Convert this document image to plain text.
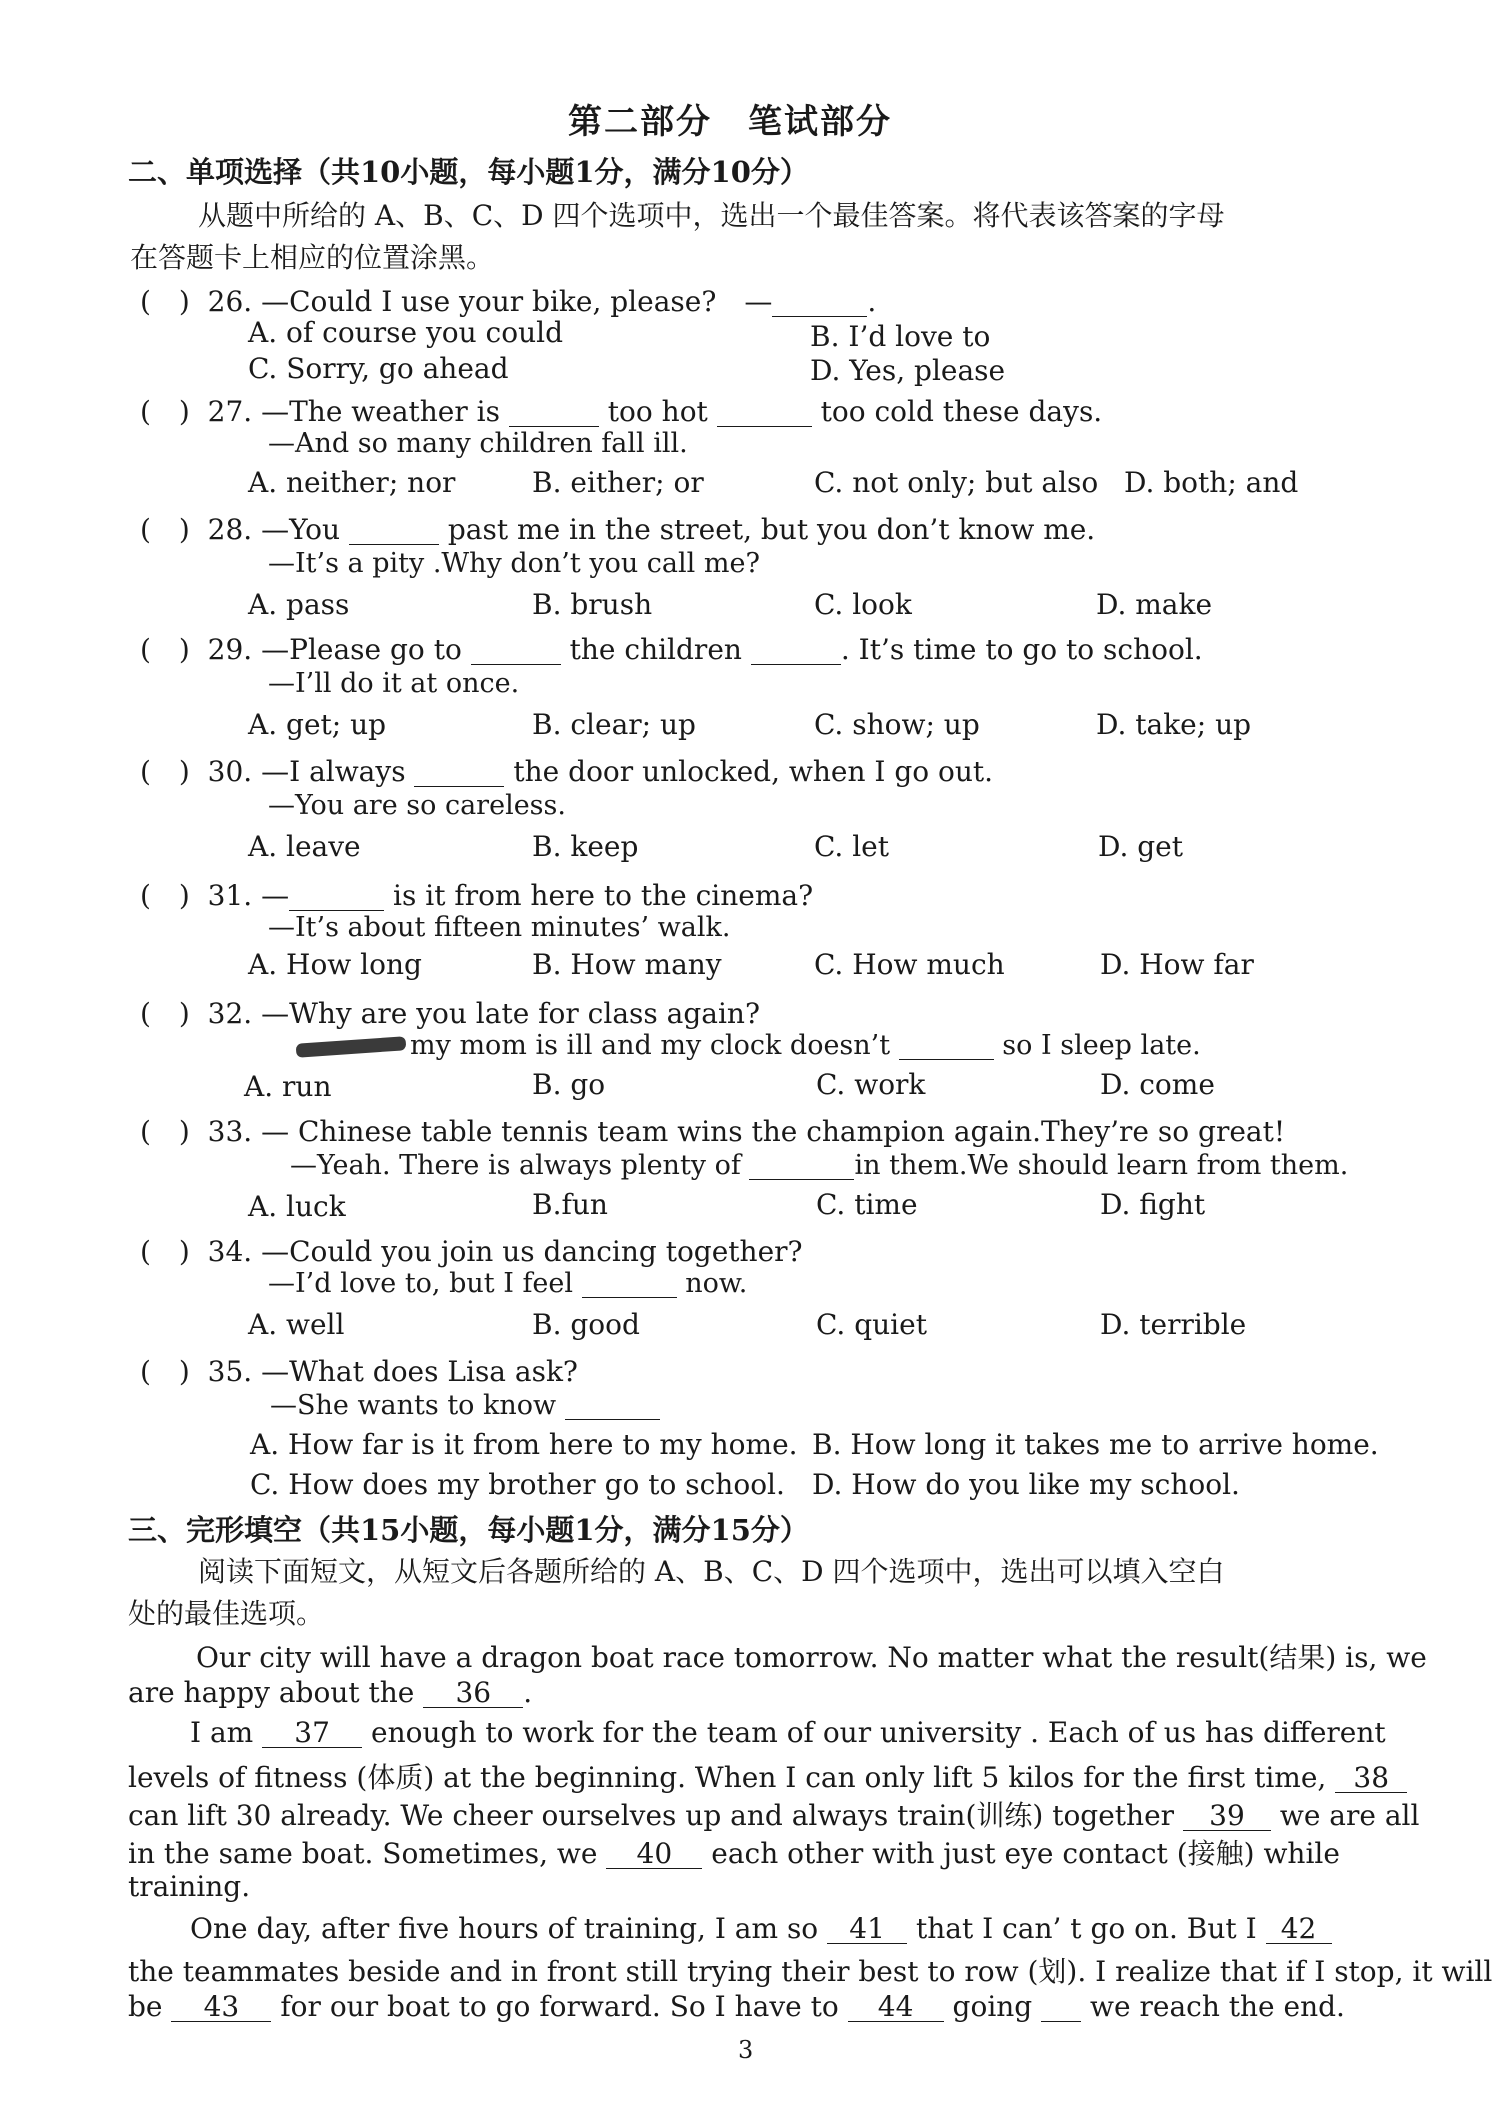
第二部分　笔试部分
二、单项选择（共10小题，每小题1分，满分10分）
从题中所给的 A、B、C、D 四个选项中，选出一个最佳答案。将代表该答案的字母
在答题卡上相应的位置涂黑。
(　) 26. —Could I use your bike, please?　—	.
A. of course you could	B. I’d love to
C. Sorry, go ahead	D. Yes, please
(　) 27. —The weather is	too hot	too cold these days.
—And so many children fall ill.
A. neither; nor	B. either; or	C. not only; but also D. both; and
(　) 28. —You	past me in the street, but you don’t know me.
—It’s a pity .Why don’t you call me?
A. pass	B. brush	C. look	D. make
(　) 29. —Please go to	the children	. It’s time to go to school.
—I’ll do it at once.
A. get; up	B. clear; up	C. show; up	D. take; up
(　) 30. —I always	the door unlocked, when I go out.
—You are so careless.
A. leave	B. keep	C. let	D. get
(　) 31. —	is it from here to the cinema?
—It’s about fifteen minutes’ walk.
A. How long	B. How many	C. How much	D. How far
(　) 32. —Why are you late for class again?
my mom is ill and my clock doesn’t	so I sleep late.
A. run	B. go	C. work	D. come
(　) 33. — Chinese table tennis team wins the champion again.They’re so great!
—Yeah. There is always plenty of	in them.We should learn from them.
A. luck	B.fun	C. time	D. fight
(　) 34. —Could you join us dancing together?
—I’d love to, but I feel	now.
A. well	B. good	C. quiet	D. terrible
(　) 35. —What does Lisa ask?
—She wants to know
A. How far is it from here to my home. B. How long it takes me to arrive home.
C. How does my brother go to school. D. How do you like my school.
三、完形填空（共15小题，每小题1分，满分15分）
阅读下面短文，从短文后各题所给的 A、B、C、D 四个选项中，选出可以填入空白
处的最佳选项。
Our city will have a dragon boat race tomorrow. No matter what the result(结果) is, we
are happy about the 36 .
I am 37 enough to work for the team of our university . Each of us has different
levels of fitness (体质) at the beginning. When I can only lift 5 kilos for the first time, 38
can lift 30 already. We cheer ourselves up and always train(训练) together 39 we are all
in the same boat. Sometimes, we 40 each other with just eye contact (接触) while
training.
One day, after five hours of training, I am so 41 that I can’ t go on. But I 42
the teammates beside and in front still trying their best to row (划). I realize that if I stop, it will
be 43 for our boat to go forward. So I have to 44 going we reach the end.
3
